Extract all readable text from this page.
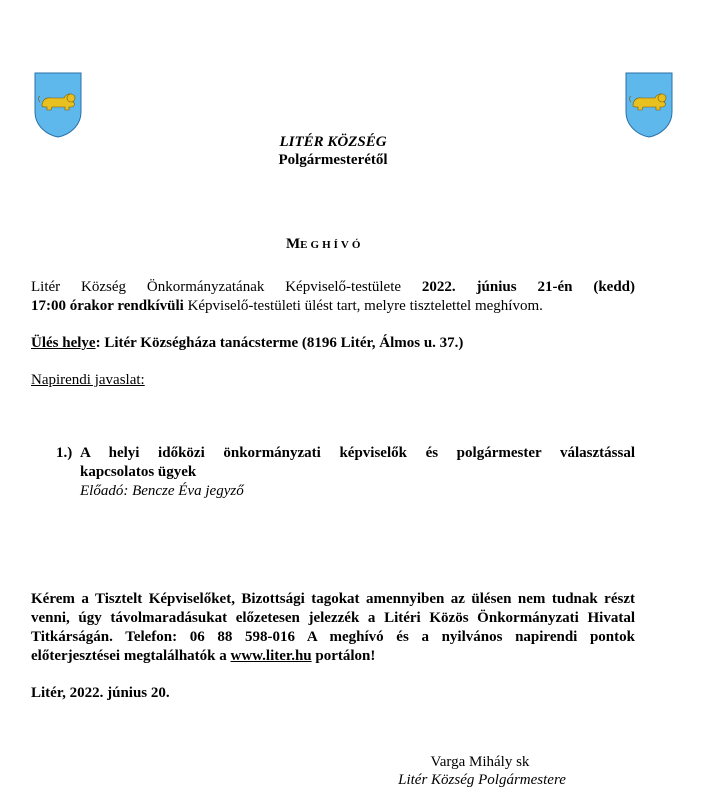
LITÉR KÖZSÉG
Polgármesterétől
MEGHÍVÓ
Litér Község Önkormányzatának Képviselő-testülete 2022. június 21-én (kedd)
17:00 órakor rendkívüli Képviselő-testületi ülést tart, melyre tisztelettel meghívom.
Ülés helye: Litér Községháza tanácsterme (8196 Litér, Álmos u. 37.)
Napirendi javaslat:
1.) A helyi időközi önkormányzati képviselők és polgármester választással
kapcsolatos ügyek
Előadó: Bencze Éva jegyző
Kérem a Tisztelt Képviselőket, Bizottsági tagokat amennyiben az ülésen nem tudnak részt
venni, úgy távolmaradásukat előzetesen jelezzék a Litéri Közös Önkormányzati Hivatal
Titkárságán. Telefon: 06 88 598-016 A meghívó és a nyilvános napirendi pontok
előterjesztései megtalálhatók a www.liter.hu portálon!
Litér, 2022. június 20.
Varga Mihály sk
Litér Község Polgármestere
